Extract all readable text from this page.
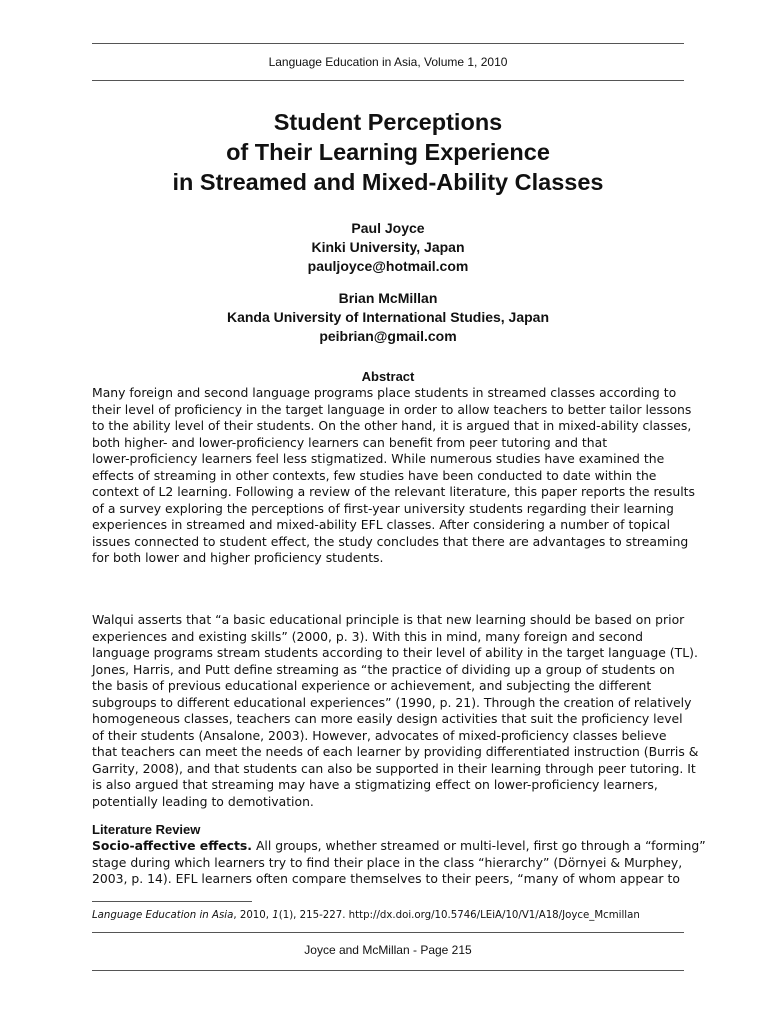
Language Education in Asia, Volume 1, 2010
Student Perceptions
of Their Learning Experience
in Streamed and Mixed-Ability Classes
Paul Joyce
Kinki University, Japan
pauljoyce@hotmail.com
Brian McMillan
Kanda University of International Studies, Japan
peibrian@gmail.com
Abstract
Many foreign and second language programs place students in streamed classes according to
their level of proficiency in the target language in order to allow teachers to better tailor lessons
to the ability level of their students. On the other hand, it is argued that in mixed-ability classes,
both higher- and lower-proficiency learners can benefit from peer tutoring and that
lower-proficiency learners feel less stigmatized. While numerous studies have examined the
effects of streaming in other contexts, few studies have been conducted to date within the
context of L2 learning. Following a review of the relevant literature, this paper reports the results
of a survey exploring the perceptions of first-year university students regarding their learning
experiences in streamed and mixed-ability EFL classes. After considering a number of topical
issues connected to student effect, the study concludes that there are advantages to streaming
for both lower and higher proficiency students.
Walqui asserts that “a basic educational principle is that new learning should be based on prior
experiences and existing skills” (2000, p. 3). With this in mind, many foreign and second
language programs stream students according to their level of ability in the target language (TL).
Jones, Harris, and Putt define streaming as “the practice of dividing up a group of students on
the basis of previous educational experience or achievement, and subjecting the different
subgroups to different educational experiences” (1990, p. 21). Through the creation of relatively
homogeneous classes, teachers can more easily design activities that suit the proficiency level
of their students (Ansalone, 2003). However, advocates of mixed-proficiency classes believe
that teachers can meet the needs of each learner by providing differentiated instruction (Burris &
Garrity, 2008), and that students can also be supported in their learning through peer tutoring. It
is also argued that streaming may have a stigmatizing effect on lower-proficiency learners,
potentially leading to demotivation.
Literature Review
Socio-affective effects. All groups, whether streamed or multi-level, first go through a “forming”
stage during which learners try to find their place in the class “hierarchy” (Dörnyei & Murphey,
2003, p. 14). EFL learners often compare themselves to their peers, “many of whom appear to
Language Education in Asia, 2010, 1(1), 215-227. http://dx.doi.org/10.5746/LEiA/10/V1/A18/Joyce_Mcmillan
Joyce and McMillan - Page 215
